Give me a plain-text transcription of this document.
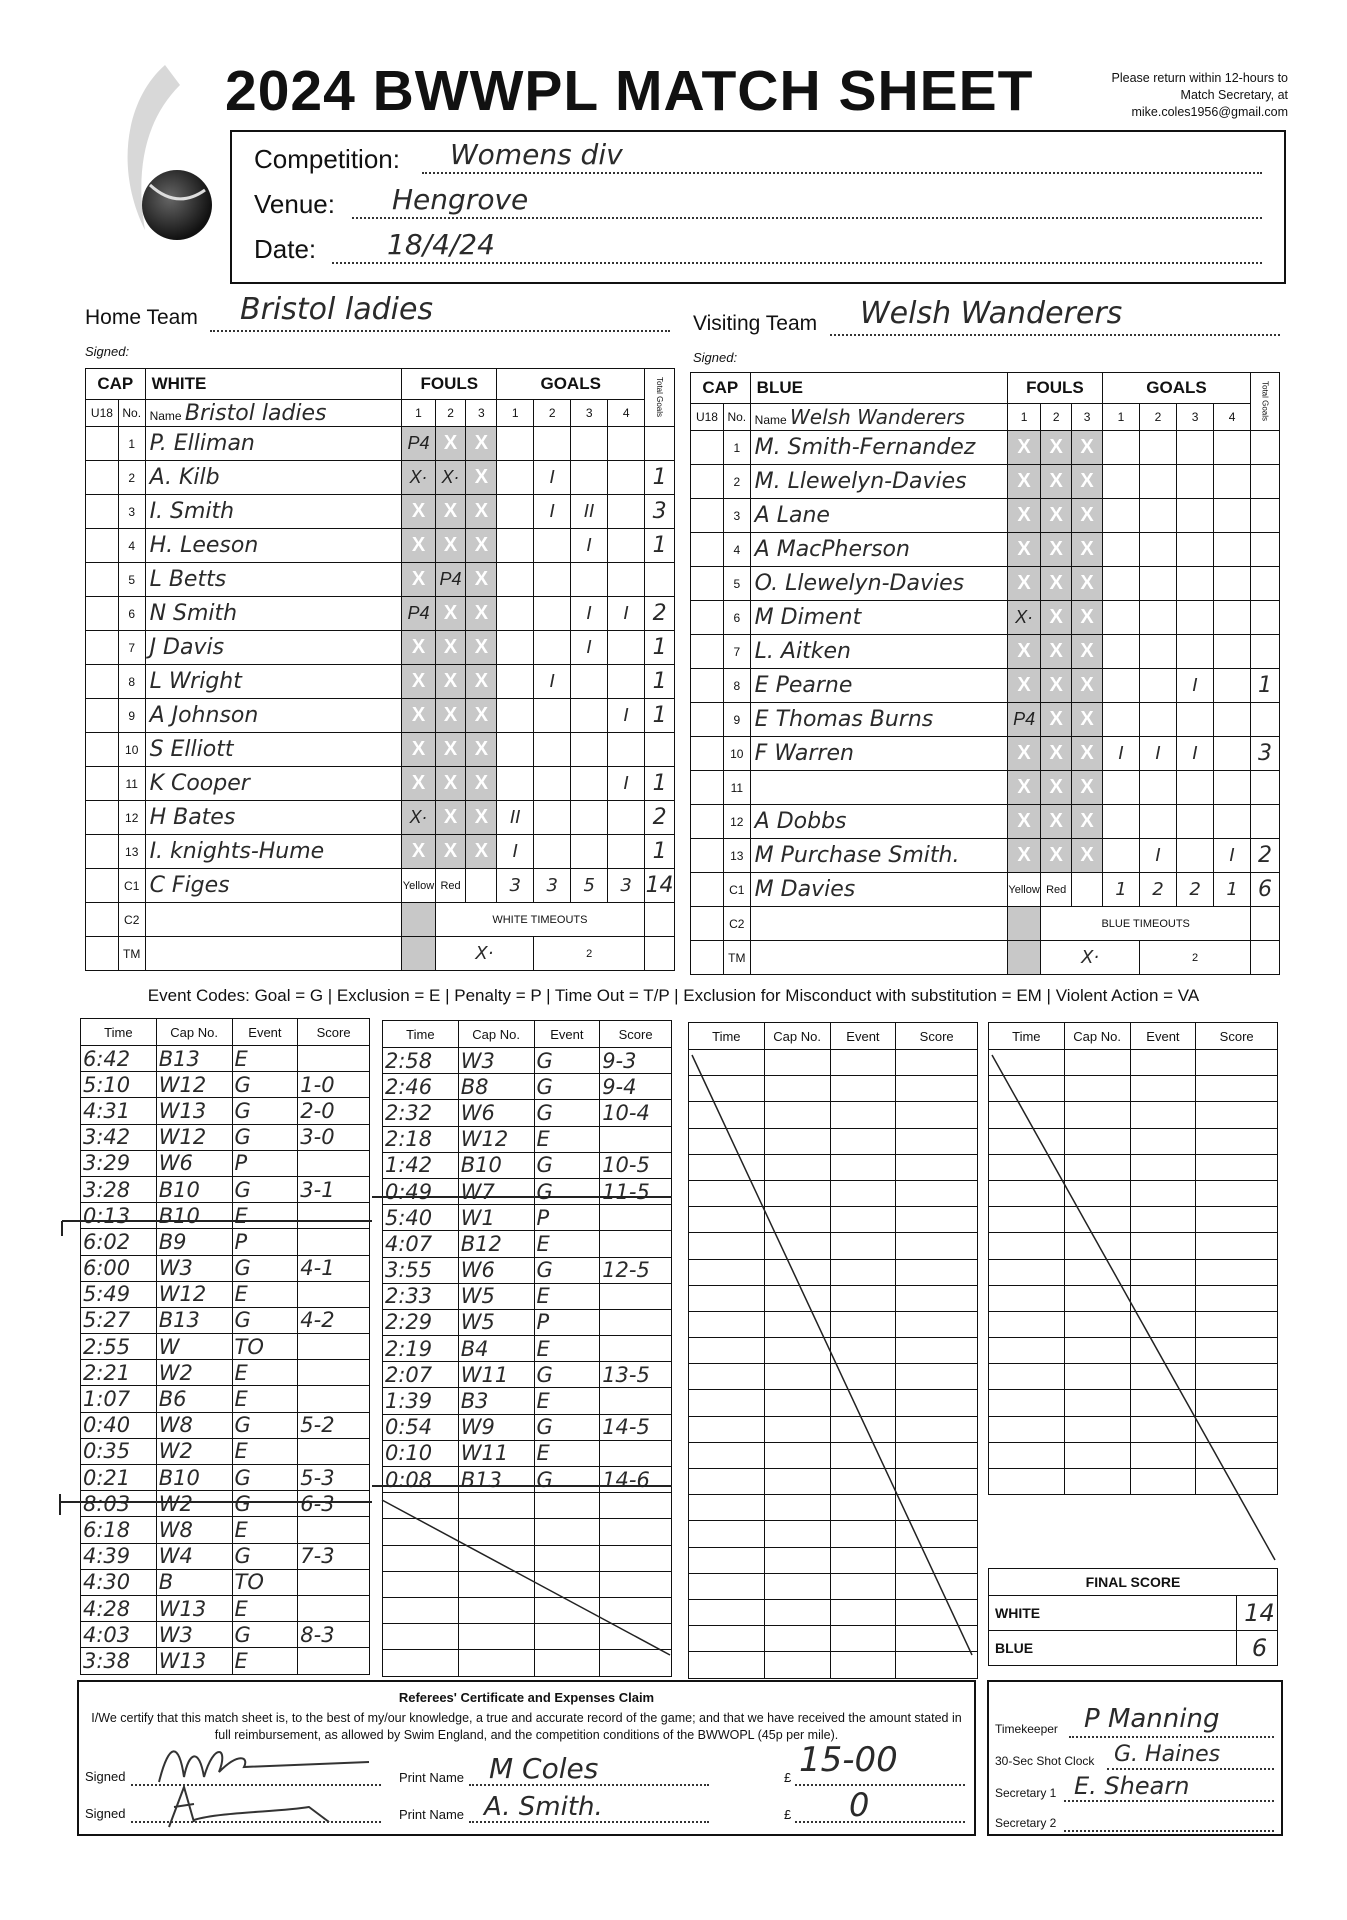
2024 BWWPL MATCH SHEET	Please return within 12-hours to Match Secretary, at mike.coles1956@gmail.com
Competition: Womens div
Venue: Hengrove
Date:	18/4/24
Home Team Bristol ladies
Signed:
Visiting Team Welsh Wanderers
Signed:
CAP		WHITE	FOULS			GOALS				Total Goals
U18	No.	Name Bristol ladies	1	2	3	1	2	3	4	
	1	P. Elliman	P4	X	X					
	2	A. Kilb	X·	X·	X		I			1
	3	I. Smith	X	X	X		I	II		3
	4	H. Leeson	X	X	X			I		1
	5	L Betts	X	P4	X					
	6	N Smith	P4	X	X			I	I	2
	7	J Davis	X	X	X			I		1
	8	L Wright	X	X	X		I			1
	9	A Johnson	X	X	X				I	1
	10	S Elliott	X	X	X					
	11	K Cooper	X	X	X				I	1
	12	H Bates	X·	X	X	II				2
	13	I. knights-Hume	X	X	X	I				1
	C1	C Figes	Yellow	Red		3	3	5	3	14
	C2			WHITE TIMEOUTS						
	TM			X·			2			
CAP		BLUE	FOULS			GOALS				Total Goals
U18	No.	Name Welsh Wanderers	1	2	3	1	2	3	4	
	1	M. Smith-Fernandez	X	X	X					
	2	M. Llewelyn-Davies	X	X	X					
	3	A Lane	X	X	X					
	4	A MacPherson	X	X	X					
	5	O. Llewelyn-Davies	X	X	X					
	6	M Diment	X·	X	X					
	7	L. Aitken	X	X	X					
	8	E Pearne	X	X	X			I		1
	9	E Thomas Burns	P4	X	X					
	10	F Warren	X	X	X	I	I	I		3
	11		X	X	X					
	12	A Dobbs	X	X	X					
	13	M Purchase Smith.	X	X	X		I		I	2
	C1	M Davies	Yellow	Red		1	2	2	1	6
	C2			BLUE TIMEOUTS						
	TM			X·			2			
Event Codes: Goal = G | Exclusion = E | Penalty = P | Time Out = T/P | Exclusion for Misconduct with substitution = EM | Violent Action = VA
Time	Cap No.	Event	Score
6:42	B13	E	
5:10	W12	G	1-0
4:31	W13	G	2-0
3:42	W12	G	3-0
3:29	W6	P	
3:28	B10	G	3-1
0:13	B10	E	
6:02	B9	P	
6:00	W3	G	4-1
5:49	W12	E	
5:27	B13	G	4-2
2:55	W	TO	
2:21	W2	E	
1:07	B6	E	
0:40	W8	G	5-2
0:35	W2	E	
0:21	B10	G	5-3
8:03	W2	G	6-3
6:18	W8	E	
4:39	W4	G	7-3
4:30	B	TO	
4:28	W13	E	
4:03	W3	G	8-3
3:38	W13	E	
Time	Cap No.	Event	Score
2:58	W3	G	9-3
2:46	B8	G	9-4
2:32	W6	G	10-4
2:18	W12	E	
1:42	B10	G	10-5
0:49	W7	G	11-5
5:40	W1	P	
4:07	B12	E	
3:55	W6	G	12-5
2:33	W5	E	
2:29	W5	P	
2:19	B4	E	
2:07	W11	G	13-5
1:39	B3	E	
0:54	W9	G	14-5
0:10	W11	E	
0:08	B13	G	14-6

Time	Cap No.	Event	Score

				Time	Cap No.	Event	Score

FINAL SCORE	
WHITE	14
BLUE	6
Referees' Certificate and Expenses Claim
I/We certify that this match sheet is, to the best of my/our knowledge, a true and accurate record of the game; and that we have received the amount stated in full reimbursement, as allowed by Swim England, and the competition conditions of the BWWOPL (45p per mile).
Signed	Print Name M Coles	£ 15-00
Signed	Print Name A. Smith.	£ 0
Timekeeper P Manning
30-Sec Shot Clock G. Haines
Secretary 1 E. Shearn
Secretary 2
